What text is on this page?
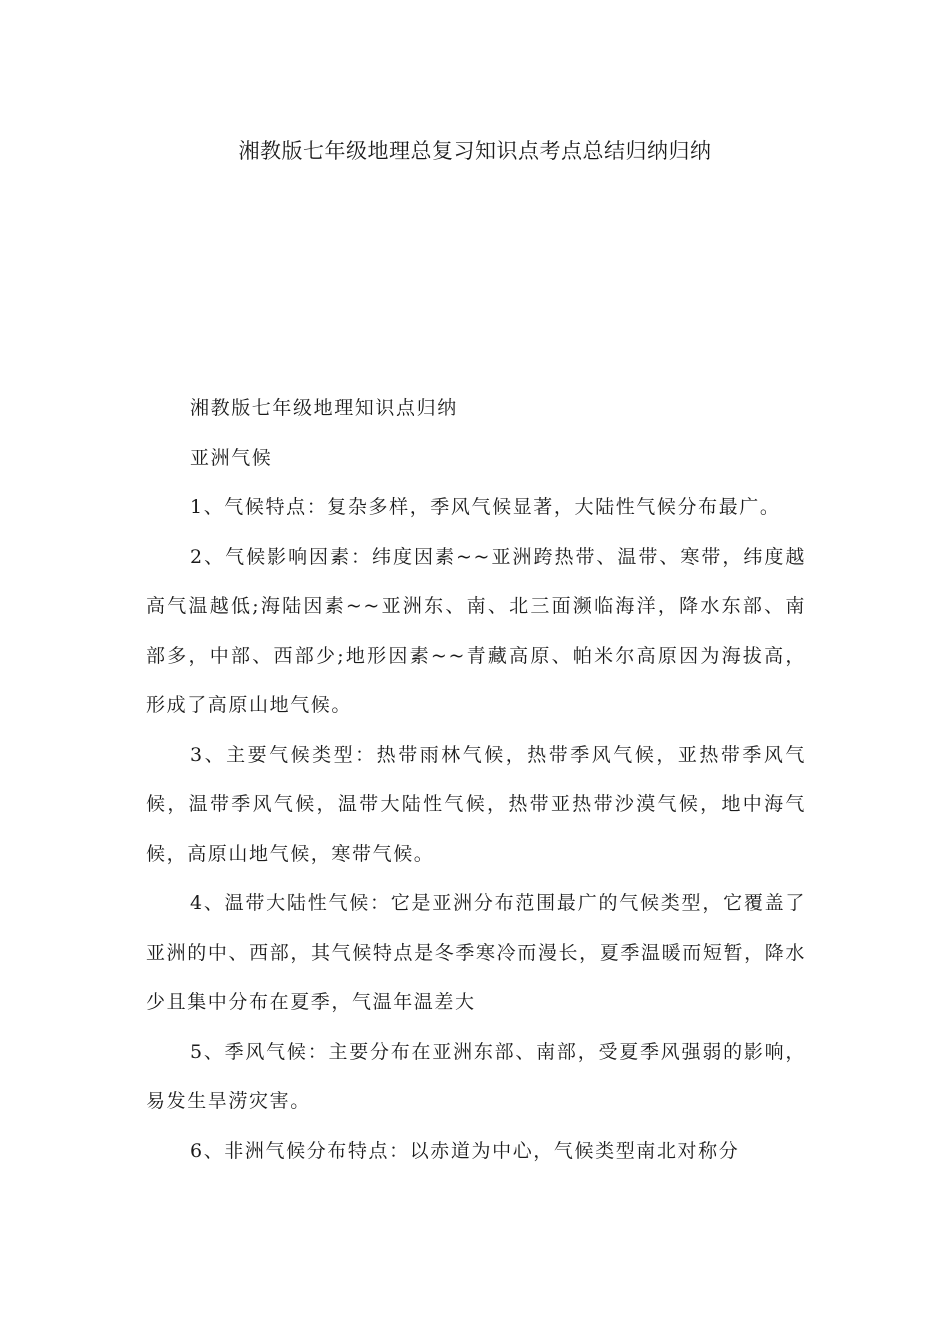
湘教版七年级地理总复习知识点考点总结归纳归纳

湘教版七年级地理知识点归纳

亚洲气候

1、气候特点：复杂多样，季风气候显著，大陆性气候分布最广。

2、气候影响因素：纬度因素~~亚洲跨热带、温带、寒带，纬度越高气温越低;海陆因素~~亚洲东、南、北三面濒临海洋，降水东部、南部多，中部、西部少;地形因素~~青藏高原、帕米尔高原因为海拔高，形成了高原山地气候。

3、主要气候类型：热带雨林气候，热带季风气候，亚热带季风气候，温带季风气候，温带大陆性气候，热带亚热带沙漠气候，地中海气候，高原山地气候，寒带气候。

4、温带大陆性气候：它是亚洲分布范围最广的气候类型，它覆盖了亚洲的中、西部，其气候特点是冬季寒冷而漫长，夏季温暖而短暂，降水少且集中分布在夏季，气温年温差大

5、季风气候：主要分布在亚洲东部、南部，受夏季风强弱的影响，易发生旱涝灾害。

6、非洲气候分布特点：以赤道为中心，气候类型南北对称分
